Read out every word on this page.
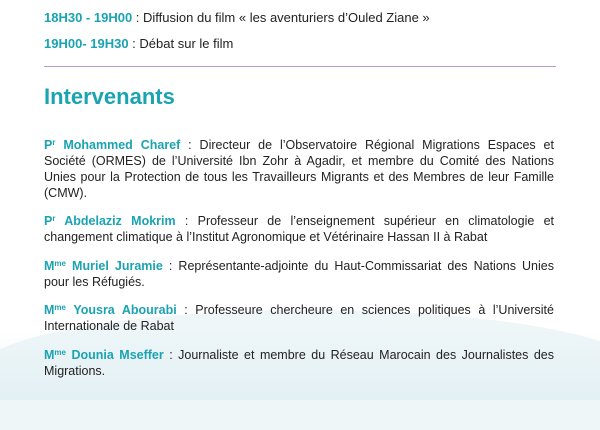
18H30 - 19H00 : Diffusion du film « les aventuriers d’Ouled Ziane »
19H00- 19H30 : Débat sur le film
Intervenants

$P^r$ Mohammed Charef : Directeur de l’Observatoire Régional Migrations Espaces et Société (ORMES) de l’Université Ibn Zohr à Agadir, et membre du Comité des Nations Unies pour la Protection de tous les Travailleurs Migrants et des Membres de leur Famille (CMW).

$P^r$ Abdelaziz Mokrim : Professeur de l’enseignement supérieur en climatologie et changement climatique à l’Institut Agronomique et Vétérinaire Hassan II à Rabat

$M^{me}$ Muriel Juramie : Représentante-adjointe du Haut-Commissariat des Nations Unies pour les Réfugiés.

$M^{me}$ Yousra Abourabi : Professeure chercheure en sciences politiques à l’Université Internationale de Rabat

$M^{me}$ Dounia Mseffer : Journaliste et membre du Réseau Marocain des Journalistes des Migrations.
